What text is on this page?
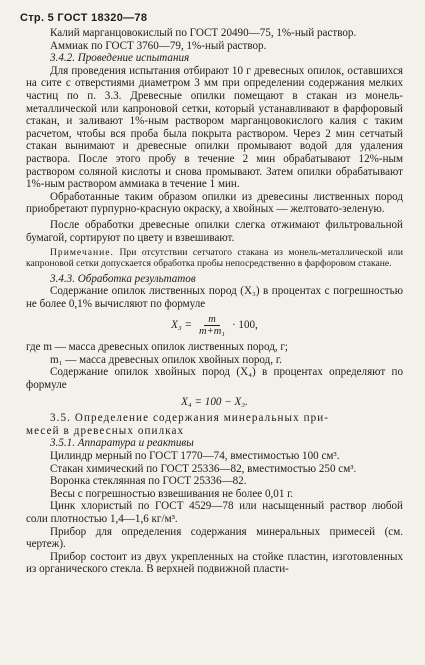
Стр. 5 ГОСТ 18320—78

Калий марганцовокислый по ГОСТ 20490—75, 1%-ный раствор.

Аммиак по ГОСТ 3760—79, 1%-ный раствор.

3.4.2. Проведение испытания

Для проведения испытания отбирают 10 г древесных опилок, оставшихся на сите с отверстиями диаметром 3 мм при определении содержания мелких частиц по п. 3.3. Древесные опилки помещают в стакан из монель-металлической или капроновой сетки, который устанавливают в фарфоровый стакан, и заливают 1%-ным раствором марганцовокислого калия с таким расчетом, чтобы вся проба была покрыта раствором. Через 2 мин сетчатый стакан вынимают и древесные опилки промывают водой для удаления раствора. После этого пробу в течение 2 мин обрабатывают 12%-ным раствором соляной кислоты и снова промывают. Затем опилки обрабатывают 1%-ным раствором аммиака в течение 1 мин.

Обработанные таким образом опилки из древесины лиственных пород приобретают пурпурно-красную окраску, а хвойных — желтовато-зеленую.

После обработки древесные опилки слегка отжимают фильтровальной бумагой, сортируют по цвету и взвешивают.

Примечание. При отсутствии сетчатого стакана из монель-металлической или капроновой сетки допускается обработка пробы непосредственно в фарфоровом стакане.

3.4.3. Обработка результатов

Содержание опилок лиственных пород (X₃) в процентах с погрешностью не более 0,1% вычисляют по формуле

$X_3 = \frac{m}{\text{m+m₁}} \cdot 100$,

где m — масса древесных опилок лиственных пород, г;

m₁ — масса древесных опилок хвойных пород, г.

Содержание опилок хвойных пород (X₄) в процентах определяют по формуле

X₄ = 100 − X₃.

3.5. Определение содержания минеральных при-

месей в древесных опилках

3.5.1. Аппаратура и реактивы

Цилиндр мерный по ГОСТ 1770—74, вместимостью 100 см³.

Стакан химический по ГОСТ 25336—82, вместимостью 250 см³.

Воронка стеклянная по ГОСТ 25336—82.

Весы с погрешностью взвешивания не более 0,01 г.

Цинк хлористый по ГОСТ 4529—78 или насыщенный раствор любой соли плотностью 1,4—1,6 кг/м³.

Прибор для определения содержания минеральных примесей (см. чертеж).

Прибор состоит из двух укрепленных на стойке пластин, изготовленных из органического стекла. В верхней подвижной пласти-
